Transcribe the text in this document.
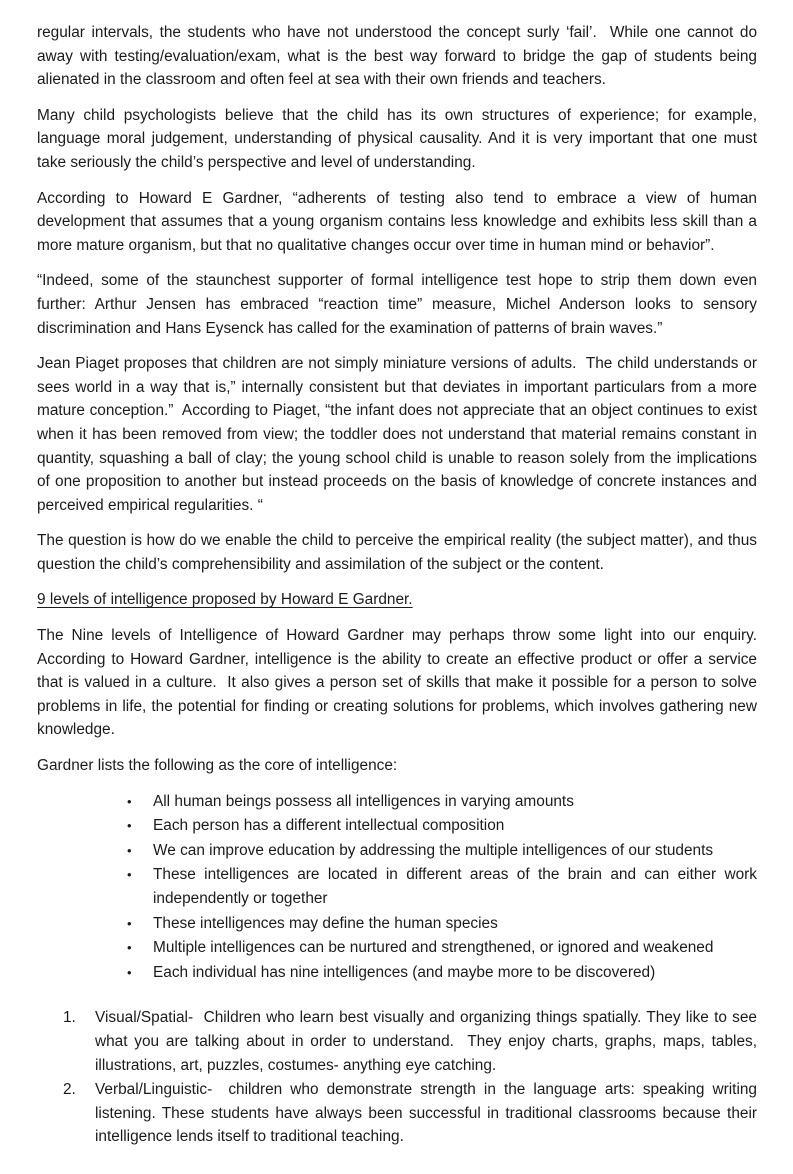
regular intervals, the students who have not understood the concept surly ‘fail’.  While one cannot do away with testing/evaluation/exam, what is the best way forward to bridge the gap of students being alienated in the classroom and often feel at sea with their own friends and teachers.

Many child psychologists believe that the child has its own structures of experience; for example, language moral judgement, understanding of physical causality. And it is very important that one must take seriously the child’s perspective and level of understanding.

According to Howard E Gardner, “adherents of testing also tend to embrace a view of human development that assumes that a young organism contains less knowledge and exhibits less skill than a more mature organism, but that no qualitative changes occur over time in human mind or behavior”.

“Indeed, some of the staunchest supporter of formal intelligence test hope to strip them down even further: Arthur Jensen has embraced “reaction time” measure, Michel Anderson looks to sensory discrimination and Hans Eysenck has called for the examination of patterns of brain waves.”

Jean Piaget proposes that children are not simply miniature versions of adults.  The child understands or sees world in a way that is,” internally consistent but that deviates in important particulars from a more mature conception.”  According to Piaget, “the infant does not appreciate that an object continues to exist when it has been removed from view; the toddler does not understand that material remains constant in quantity, squashing a ball of clay; the young school child is unable to reason solely from the implications of one proposition to another but instead proceeds on the basis of knowledge of concrete instances and perceived empirical regularities. “

The question is how do we enable the child to perceive the empirical reality (the subject matter), and thus question the child’s comprehensibility and assimilation of the subject or the content.

9 levels of intelligence proposed by Howard E Gardner.

The Nine levels of Intelligence of Howard Gardner may perhaps throw some light into our enquiry.  According to Howard Gardner, intelligence is the ability to create an effective product or offer a service that is valued in a culture.  It also gives a person set of skills that make it possible for a person to solve problems in life, the potential for finding or creating solutions for problems, which involves gathering new knowledge.

Gardner lists the following as the core of intelligence:

•	All human beings possess all intelligences in varying amounts
•	Each person has a different intellectual composition
•	We can improve education by addressing the multiple intelligences of our students
•	These intelligences are located in different areas of the brain and can either work independently or together
•	These intelligences may define the human species
•	Multiple intelligences can be nurtured and strengthened, or ignored and weakened
•	Each individual has nine intelligences (and maybe more to be discovered)
1.	Visual/Spatial-  Children who learn best visually and organizing things spatially. They like to see what you are talking about in order to understand.  They enjoy charts, graphs, maps, tables, illustrations, art, puzzles, costumes- anything eye catching.
2.	Verbal/Linguistic-  children who demonstrate strength in the language arts: speaking writing listening. These students have always been successful in traditional classrooms because their intelligence lends itself to traditional teaching.
